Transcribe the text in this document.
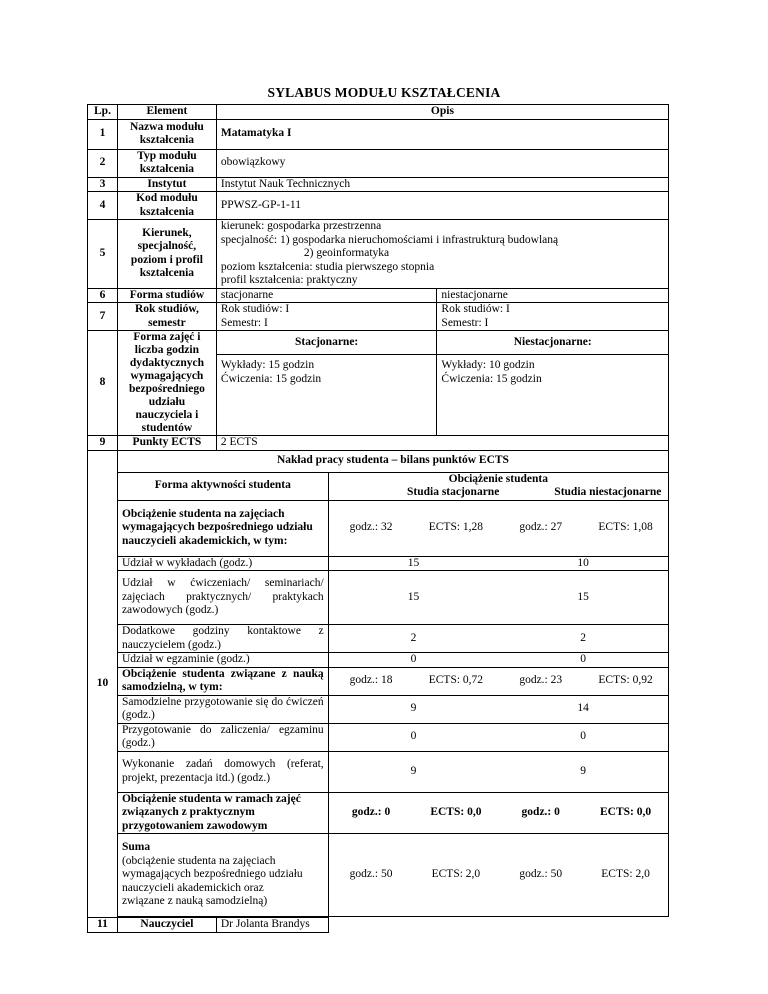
SYLABUS MODUŁU KSZTAŁCENIA
Lp.	Element	Opis
1	Nazwa modułu kształcenia	Matamatyka I
2	Typ modułu kształcenia	obowiązkowy
3	Instytut	Instytut Nauk Technicznych
4	Kod modułu kształcenia	PPWSZ-GP-1-11
5	Kierunek, specjalność, poziom i profil kształcenia	
kierunek: gospodarka przestrzenna
specjalność: 1) gospodarka nieruchomościami i infrastrukturą budowlaną
2) geoinformatyka
poziom kształcenia: studia pierwszego stopnia
profil kształcenia: praktyczny

6	Forma studiów	stacjonarne	niestacjonarne
7	Rok studiów, semestr	
Rok studiów: I
Semestr: I

Rok studiów: I
Semestr: I

8	Forma zajęć i liczba godzin dydaktycznych wymagających bezpośredniego udziału nauczyciela i studentów	Stacjonarne:	Niestacjonarne:

Wykłady: 15 godzin
Ćwiczenia: 15 godzin

Wykłady: 10 godzin
Ćwiczenia: 15 godzin

9	Punkty ECTS	2 ECTS
10	Nakład pracy studenta – bilans punktów ECTS
Forma aktywności studenta	Obciążenie studenta
Studia stacjonarne	Studia niestacjonarne
Obciążenie studenta na zajęciach wymagających bezpośredniego udziału nauczycieli akademickich, w tym:	
godz.: 32	ECTS: 1,28	godz.: 27	ECTS: 1,08

Udział w wykładach (godz.)		15	10

Udział w ćwiczeniach/ seminariach/ zajęciach praktycznych/ praktykach zawodowych (godz.)	
15	15

Dodatkowe godziny kontaktowe z nauczycielem (godz.)	
2	2

Udział w egzaminie (godz.)		0	0

Obciążenie studenta związane z nauką samodzielną, w tym:	
godz.: 18	ECTS: 0,72	godz.: 23	ECTS: 0,92

Samodzielne przygotowanie się do ćwiczeń (godz.)	
9	14

Przygotowanie do zaliczenia/ egzaminu (godz.)	
0	0

Wykonanie zadań domowych (referat, projekt, prezentacja itd.) (godz.)	
9	9

Obciążenie studenta w ramach zajęć związanych z praktycznym przygotowaniem zawodowym	
godz.: 0	ECTS: 0,0	godz.: 0	ECTS: 0,0

Suma
(obciążenie studenta na zajęciach wymagających bezpośredniego udziału nauczycieli akademickich oraz związane z nauką samodzielną)

godz.: 50	ECTS: 2,0	godz.: 50	ECTS: 2,0

11	Nauczyciel	Dr Jolanta Brandys	
